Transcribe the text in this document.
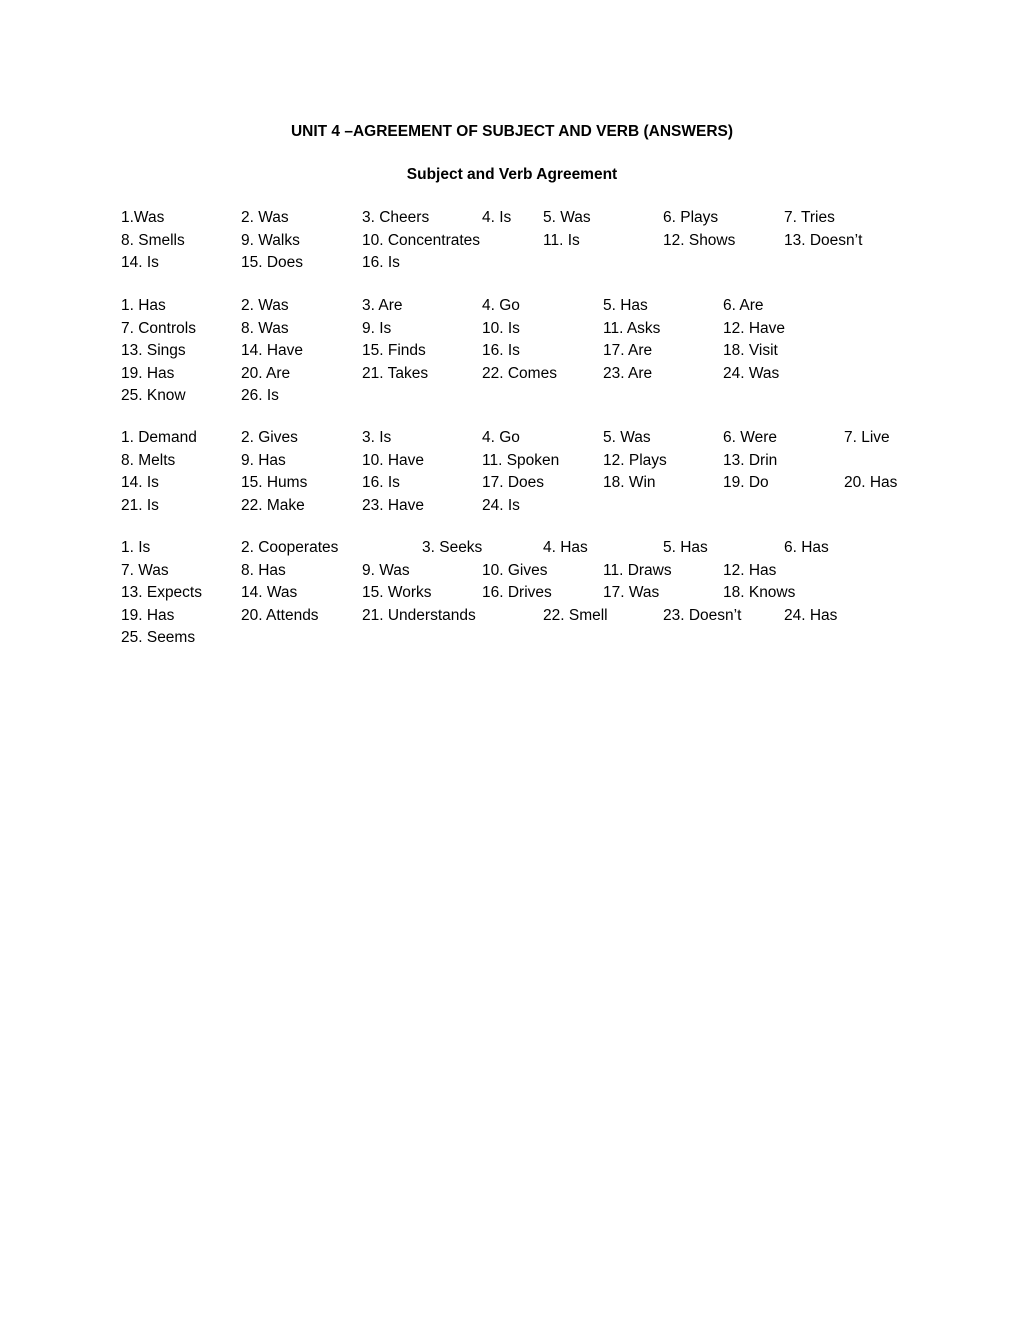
UNIT 4 –AGREEMENT OF SUBJECT AND VERB (ANSWERS)
Subject and Verb Agreement
1.Was	2. Was	3. Cheers	4. Is 5. Was	6. Plays	7. Tries
8. Smells	9. Walks	10. Concentrates	11. Is	12. Shows	13. Doesn’t
14. Is	15. Does	16. Is
1. Has	2. Was	3. Are	4. Go	5. Has	6. Are
7. Controls	8. Was	9. Is	10. Is	11. Asks	12. Have
13. Sings	14. Have	15. Finds	16. Is	17. Are	18. Visit
19. Has	20. Are	21. Takes	22. Comes	23. Are	24. Was
25. Know	26. Is
1. Demand	2. Gives	3. Is	4. Go	5. Was	6. Were	7. Live
8. Melts	9. Has	10. Have	11. Spoken	12. Plays	13. Drin
14. Is	15. Hums	16. Is	17. Does	18. Win	19. Do	20. Has
21. Is	22. Make	23. Have	24. Is
1. Is	2. Cooperates	3. Seeks	4. Has	5. Has	6. Has
7. Was	8. Has	9. Was	10. Gives	11. Draws	12. Has
13. Expects	14. Was	15. Works	16. Drives	17. Was	18. Knows
19. Has	20. Attends	21. Understands	22. Smell	23. Doesn’t	24. Has
25. Seems
